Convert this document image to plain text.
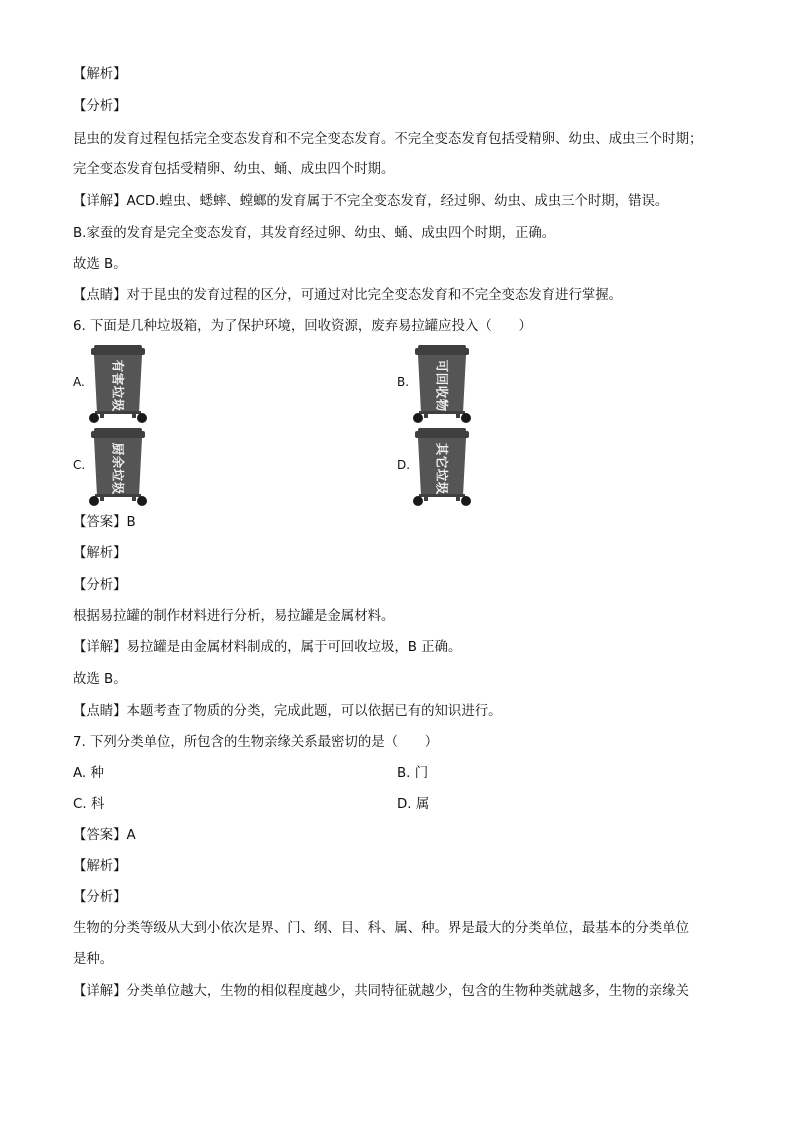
【解析】
【分析】
昆虫的发育过程包括完全变态发育和不完全变态发育。不完全变态发育包括受精卵、幼虫、成虫三个时期；
完全变态发育包括受精卵、幼虫、蛹、成虫四个时期。
【详解】ACD.蝗虫、蟋蟀、螳螂的发育属于不完全变态发育，经过卵、幼虫、成虫三个时期，错误。
B.家蚕的发育是完全变态发育，其发育经过卵、幼虫、蛹、成虫四个时期，正确。
故选 B。
【点睛】对于昆虫的发育过程的区分，可通过对比完全变态发育和不完全变态发育进行掌握。
6. 下面是几种垃圾箱，为了保护环境，回收资源，废弃易拉罐应投入（　　）
A.
有
害
垃
圾
B.
可
回
收
物
C.
厨
余
垃
圾
D.
其
它
垃
圾
【答案】B
【解析】
【分析】
根据易拉罐的制作材料进行分析，易拉罐是金属材料。
【详解】易拉罐是由金属材料制成的，属于可回收垃圾，B 正确。
故选 B。
【点睛】本题考查了物质的分类，完成此题，可以依据已有的知识进行。
7. 下列分类单位，所包含的生物亲缘关系最密切的是（　　）
A. 种	B. 门
C. 科	D. 属
【答案】A
【解析】
【分析】
生物的分类等级从大到小依次是界、门、纲、目、科、属、种。界是最大的分类单位，最基本的分类单位
是种。
【详解】分类单位越大，生物的相似程度越少，共同特征就越少，包含的生物种类就越多，生物的亲缘关
